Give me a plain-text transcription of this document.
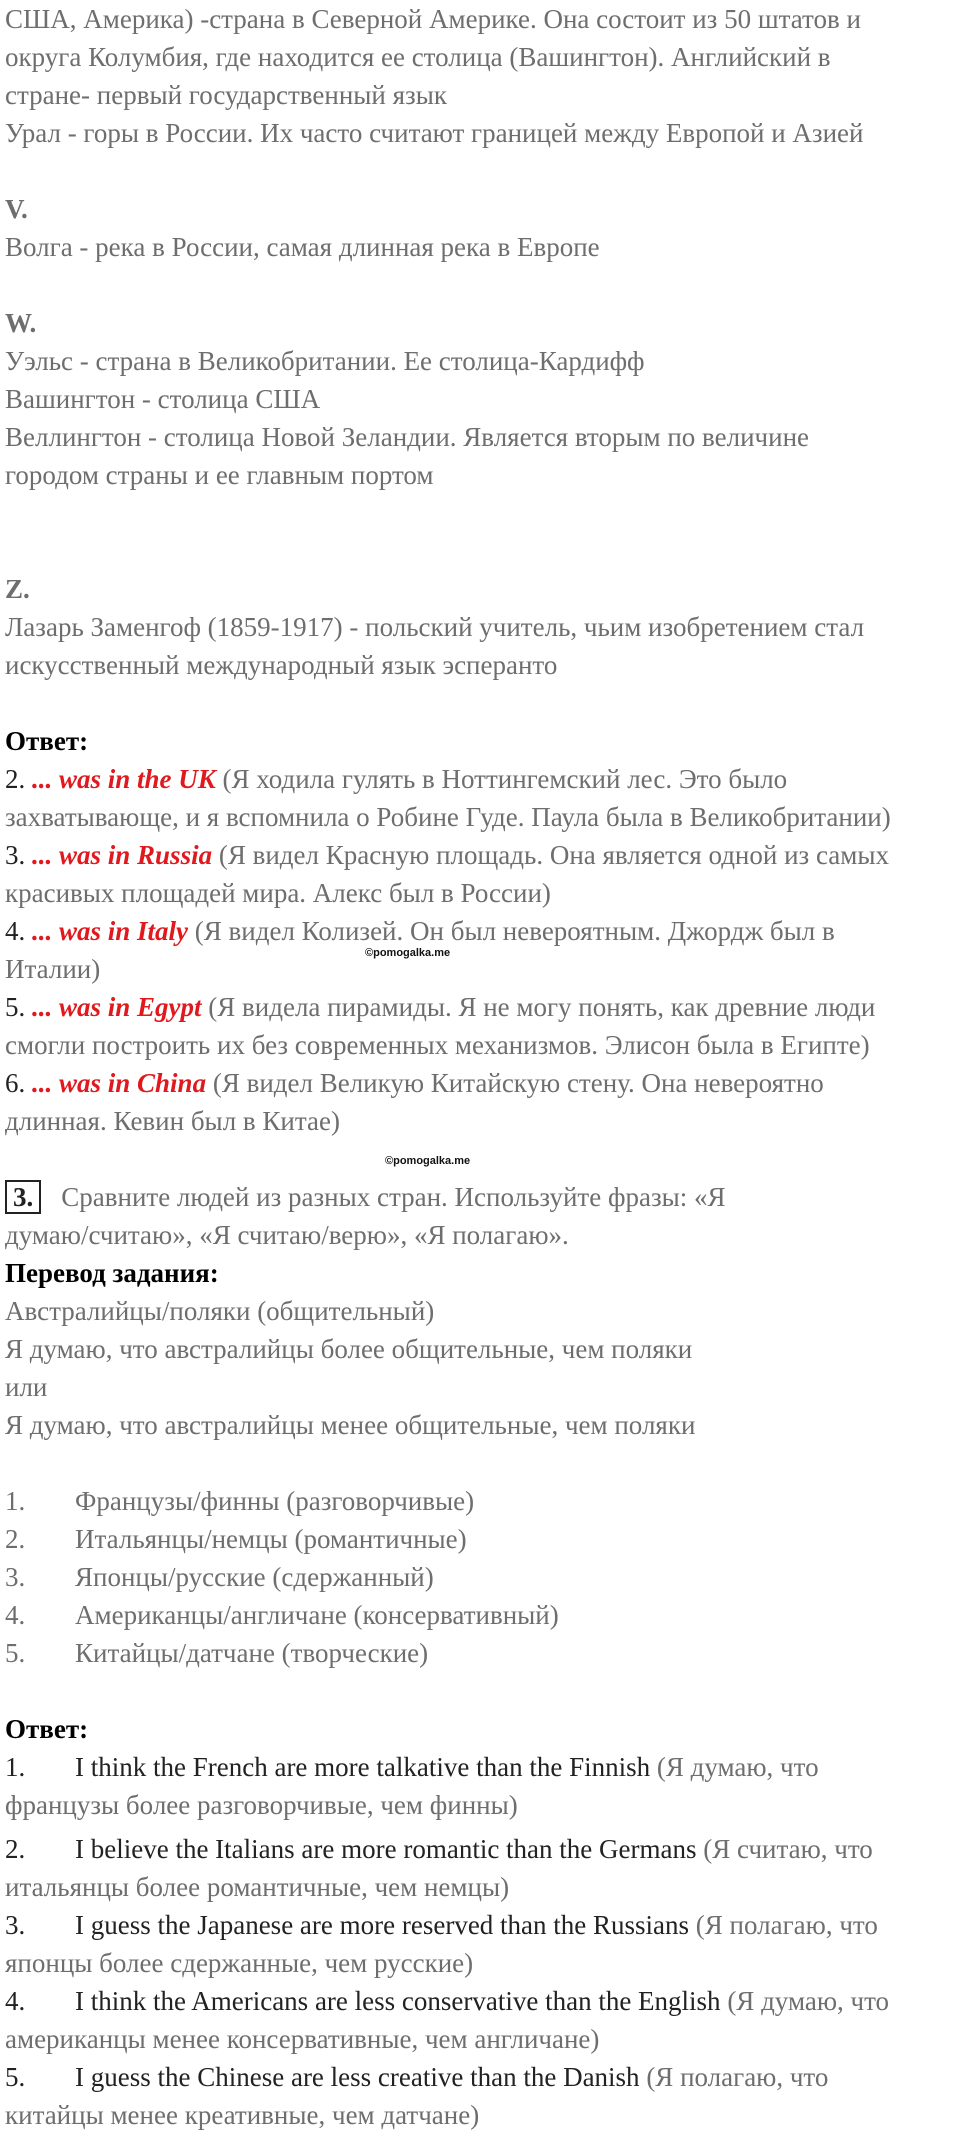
США, Америка) -страна в Северной Америке. Она состоит из 50 штатов и
округа Колумбия, где находится ее столица (Вашингтон). Английский в
стране- первый государственный язык
Урал - горы в России. Их часто считают границей между Европой и Азией
V.
Волга - река в России, самая длинная река в Европе
W.
Уэльс - страна в Великобритании. Ее столица-Кардифф
Вашингтон - столица США
Веллингтон - столица Новой Зеландии. Является вторым по величине
городом страны и ее главным портом
Z.
Лазарь Заменгоф (1859-1917) - польский учитель, чьим изобретением стал
искусственный международный язык эсперанто
Ответ:
2. ... was in the UK (Я ходила гулять в Ноттингемский лес. Это было
захватывающе, и я вспомнила о Робине Гуде. Паула была в Великобритании)
3. ... was in Russia (Я видел Красную площадь. Она является одной из самых
красивых площадей мира. Алекс был в России)
4. ... was in Italy (Я видел Колизей. Он был невероятным. Джордж был в
Италии)
5. ... was in Egypt (Я видела пирамиды. Я не могу понять, как древние люди
смогли построить их без современных механизмов. Элисон была в Египте)
6. ... was in China (Я видел Великую Китайскую стену. Она невероятно
длинная. Кевин был в Китае)
3. Сравните людей из разных стран. Используйте фразы: «Я
думаю/считаю», «Я считаю/верю», «Я полагаю».
Перевод задания:
Австралийцы/поляки (общительный)
Я думаю, что австралийцы более общительные, чем поляки
или
Я думаю, что австралийцы менее общительные, чем поляки
1. Французы/финны (разговорчивые)
2. Итальянцы/немцы (романтичные)
3. Японцы/русские (сдержанный)
4. Американцы/англичане (консервативный)
5. Китайцы/датчане (творческие)
Ответ:
1. I think the French are more talkative than the Finnish (Я думаю, что
французы более разговорчивые, чем финны)
2. I believe the Italians are more romantic than the Germans (Я считаю, что
итальянцы более романтичные, чем немцы)
3. I guess the Japanese are more reserved than the Russians (Я полагаю, что
японцы более сдержанные, чем русские)
4. I think the Americans are less conservative than the English (Я думаю, что
американцы менее консервативные, чем англичане)
5. I guess the Chinese are less creative than the Danish (Я полагаю, что
китайцы менее креативные, чем датчане)
©pomogalka.me
©pomogalka.me
